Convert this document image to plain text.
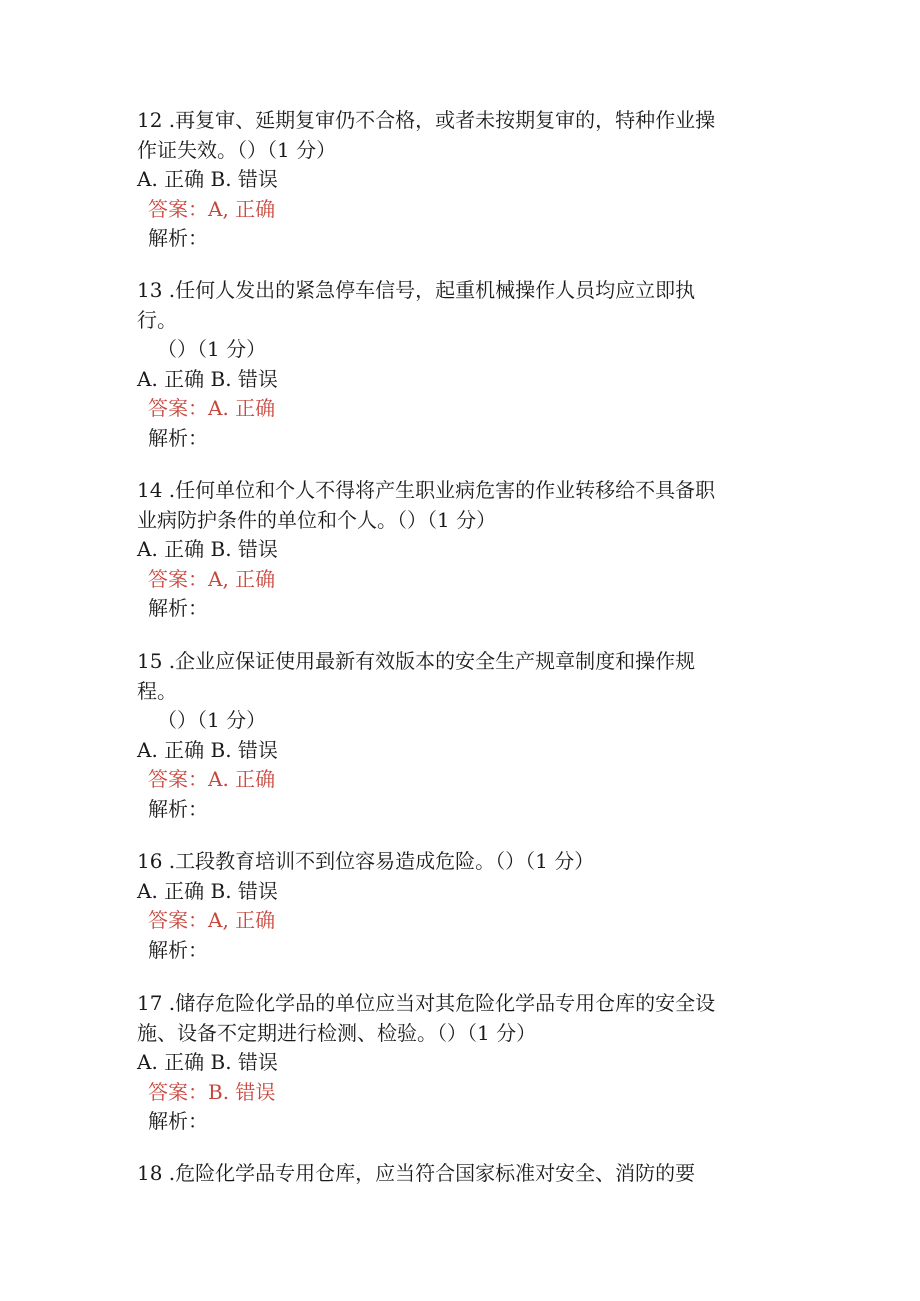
12 .再复审、延期复审仍不合格，或者未按期复审的，特种作业操
作证失效。（）（1 分）
A. 正确 B. 错误
答案：A, 正确
解析：
13 .任何人发出的紧急停车信号，起重机械操作人员均应立即执
行。
（）（1 分）
A. 正确 B. 错误
答案：A. 正确
解析：
14 .任何单位和个人不得将产生职业病危害的作业转移给不具备职
业病防护条件的单位和个人。（）（1 分）
A. 正确 B. 错误
答案：A, 正确
解析：
15 .企业应保证使用最新有效版本的安全生产规章制度和操作规
程。
（）（1 分）
A. 正确 B. 错误
答案：A. 正确
解析：
16 .工段教育培训不到位容易造成危险。（）（1 分）
A. 正确 B. 错误
答案：A, 正确
解析：
17 .储存危险化学品的单位应当对其危险化学品专用仓库的安全设
施、设备不定期进行检测、检验。（）（1 分）
A. 正确 B. 错误
答案：B. 错误
解析：
18 .危险化学品专用仓库，应当符合国家标准对安全、消防的要
